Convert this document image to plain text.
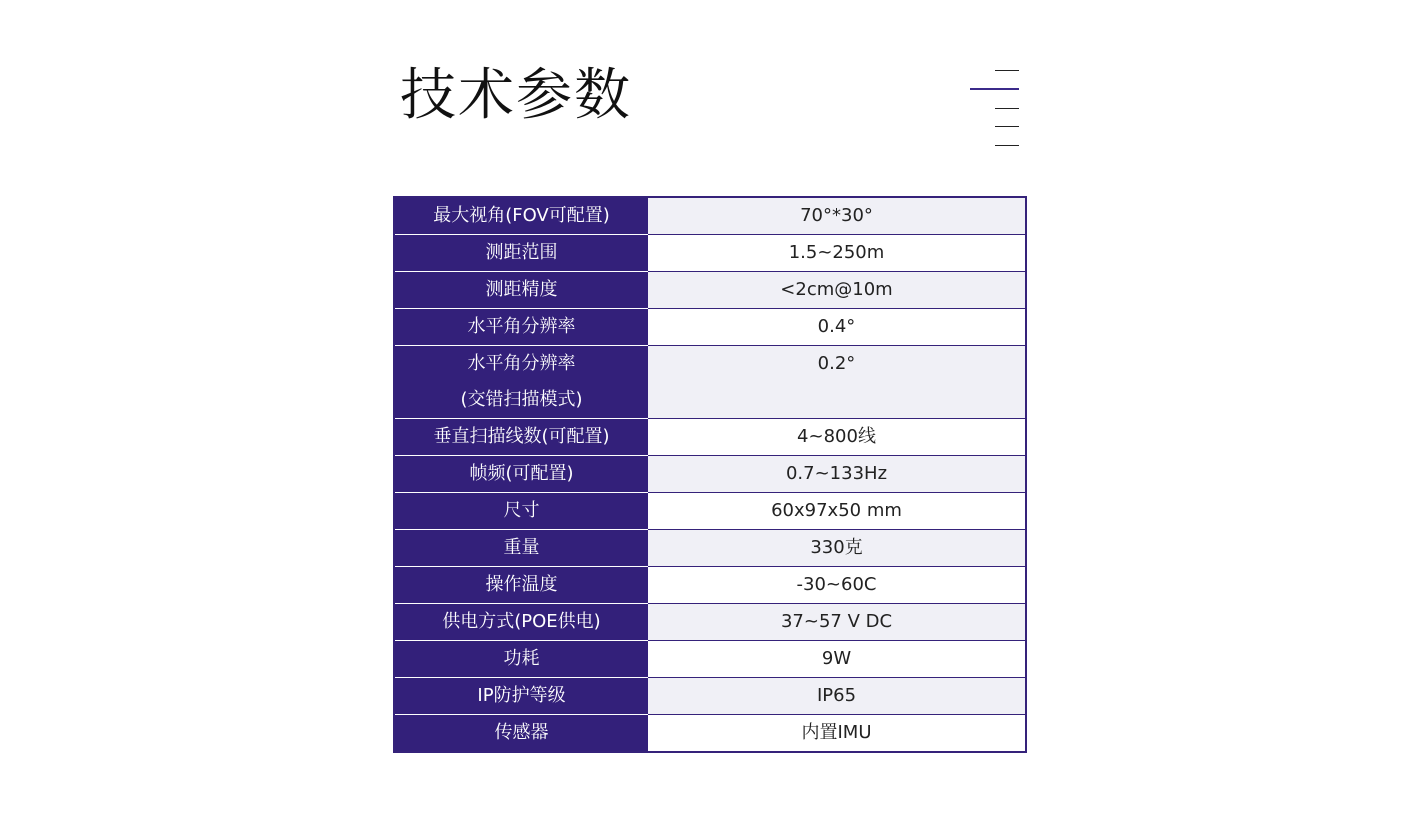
技术参数
最大视角(FOV可配置)	70°*30°
测距范围	1.5~250m
测距精度	<2cm@10m
水平角分辨率	0.4°

水平角分辨率
(交错扫描模式)	0.2°
垂直扫描线数(可配置)	4~800线
帧频(可配置)	0.7~133Hz
尺寸	60x97x50 mm
重量	330克
操作温度	-30~60C
供电方式(POE供电)	37~57 V DC
功耗	9W
IP防护等级	IP65
传感器	内置IMU
